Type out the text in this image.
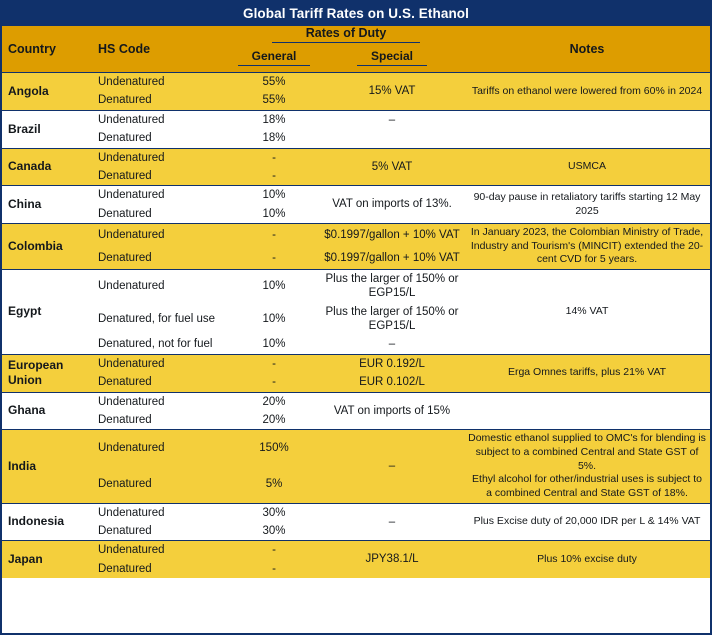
Global Tariff Rates on U.S. Ethanol
Country	HS Code	Rates of Duty		Notes
		General	Special	
Angola	Undenatured	55%	15% VAT	Tariffs on ethanol were lowered from 60% in 2024
	Denatured	55%		
Brazil	Undenatured	18%	–	
	Denatured	18%		
Canada	Undenatured	-	5% VAT	USMCA
	Denatured	-		
China	Undenatured	10%	VAT on imports of 13%.	90-day pause in retaliatory tariffs starting 12 May 2025
	Denatured	10%		
Colombia	Undenatured	-	$0.1997/gallon + 10% VAT	In January 2023, the Colombian Ministry of Trade, Industry and Tourism's (MINCIT) extended the 20-cent CVD for 5 years.
	Denatured	-	$0.1997/gallon + 10% VAT	
Egypt	Undenatured	10%	Plus the larger of 150% or EGP15/L	14% VAT
	Denatured, for fuel use	10%	Plus the larger of 150% or EGP15/L	
	Denatured, not for fuel	10%	–	
European Union	Undenatured	-	EUR 0.192/L	Erga Omnes tariffs, plus 21% VAT
	Denatured	-	EUR 0.102/L	
Ghana	Undenatured	20%	VAT on imports of 15%	
	Denatured	20%		
India	Undenatured	150%	–	Domestic ethanol supplied to OMC's for blending is subject to a combined Central and State GST of 5%.
Ethyl alcohol for other/industrial uses is subject to a combined Central and State GST of 18%.
	Denatured	5%		
Indonesia	Undenatured	30%	–	Plus Excise duty of 20,000 IDR per L & 14% VAT
	Denatured	30%		
Japan	Undenatured	-	JPY38.1/L	Plus 10% excise duty
	Denatured	-		
